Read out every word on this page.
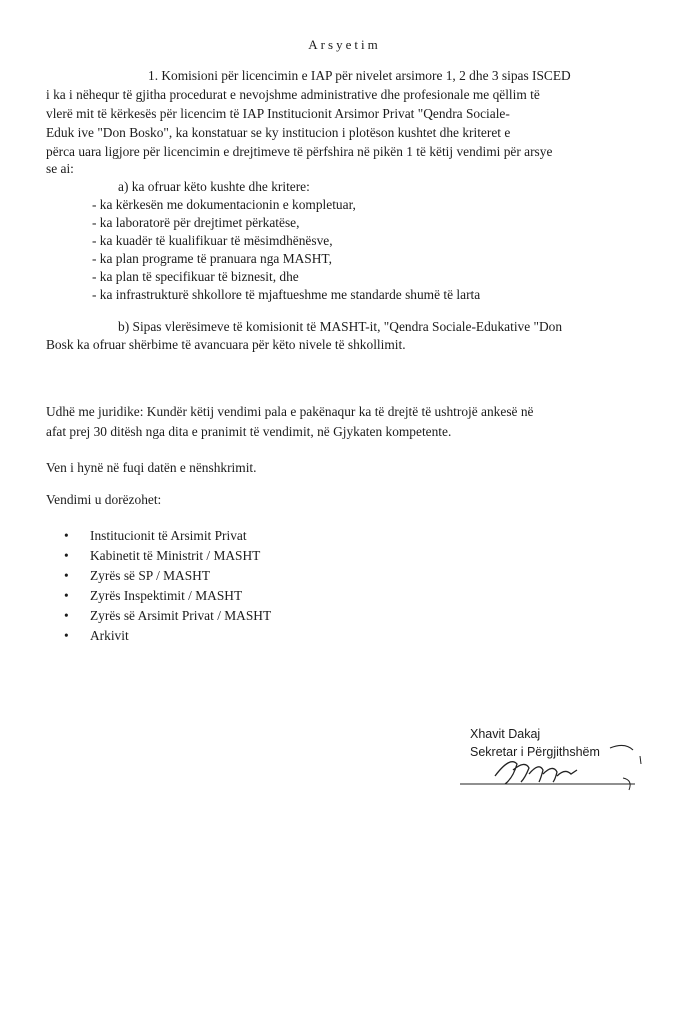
Arsyetim
1. Komisioni për licencimin e IAP për nivelet arsimore 1, 2 dhe 3 sipas ISCED
i ka i nëhequr të gjitha procedurat e nevojshme administrative dhe profesionale me qëllim të
vlerë mit të kërkesës për licencim të IAP Institucionit Arsimor Privat "Qendra Sociale-
Eduk ive "Don Bosko", ka konstatuar se ky institucion i plotëson kushtet dhe kriteret e
përca uara ligjore për licencimin e drejtimeve të përfshira në pikën 1 të këtij vendimi për arsye
se ai:
a) ka ofruar këto kushte dhe kritere:
- ka kërkesën me dokumentacionin e kompletuar,
- ka laboratorë për drejtimet përkatëse,
- ka kuadër të kualifikuar të mësimdhënësve,
- ka plan programe të pranuara nga MASHT,
- ka plan të specifikuar të biznesit, dhe
- ka infrastrukturë shkollore të mjaftueshme me standarde shumë të larta
b) Sipas vlerësimeve të komisionit të MASHT-it, "Qendra Sociale-Edukative "Don
Bosk ka ofruar shërbime të avancuara për këto nivele të shkollimit.
Udhë me juridike: Kundër këtij vendimi pala e pakënaqur ka të drejtë të ushtrojë ankesë në
afat prej 30 ditësh nga dita e pranimit të vendimit, në Gjykaten kompetente.
Ven i hynë në fuqi datën e nënshkrimit.
Vendimi u dorëzohet:
• Institucionit të Arsimit Privat
• Kabinetit të Ministrit / MASHT
• Zyrës së SP / MASHT
• Zyrës Inspektimit / MASHT
• Zyrës së Arsimit Privat / MASHT
• Arkivit
Xhavit Dakaj
Sekretar i Përgjithshëm
